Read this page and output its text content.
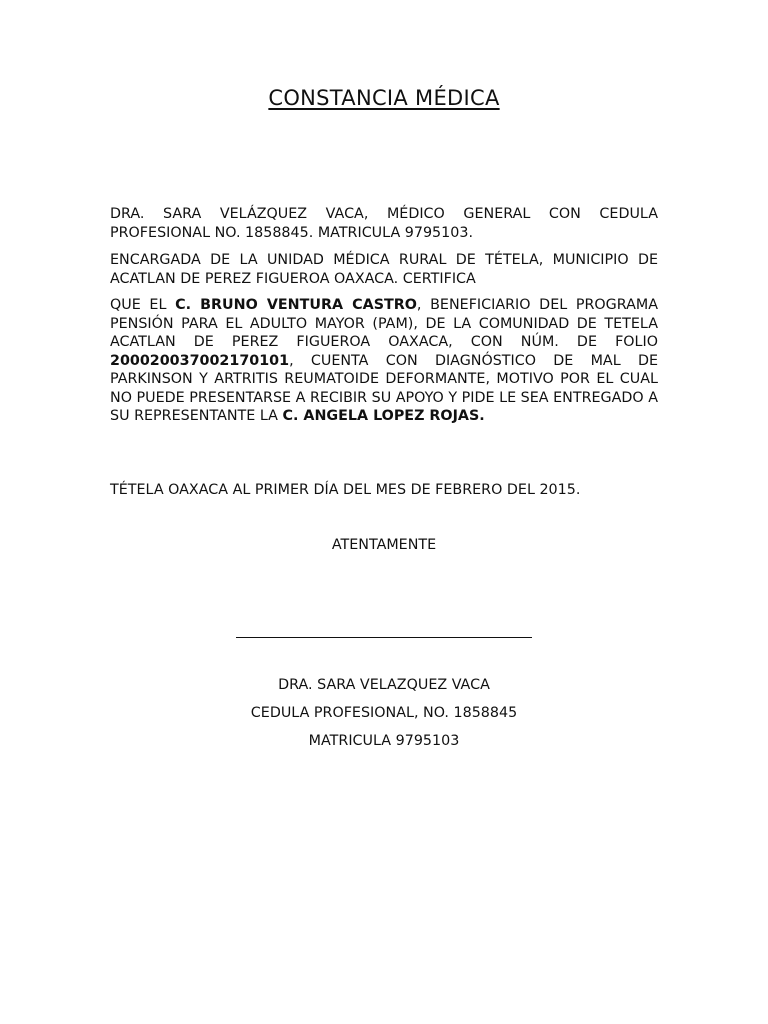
CONSTANCIA MÉDICA

DRA. SARA VELÁZQUEZ VACA, MÉDICO GENERAL CON CEDULA PROFESIONAL NO. 1858845. MATRICULA 9795103.

ENCARGADA DE LA UNIDAD MÉDICA RURAL DE TÉTELA, MUNICIPIO DE ACATLAN DE PEREZ FIGUEROA OAXACA. CERTIFICA

QUE EL C. BRUNO VENTURA CASTRO, BENEFICIARIO DEL PROGRAMA PENSIÓN PARA EL ADULTO MAYOR (PAM), DE LA COMUNIDAD DE TETELA ACATLAN DE PEREZ FIGUEROA OAXACA, CON NÚM. DE FOLIO 200020037002170101, CUENTA CON DIAGNÓSTICO DE MAL DE PARKINSON Y ARTRITIS REUMATOIDE DEFORMANTE, MOTIVO POR EL CUAL NO PUEDE PRESENTARSE A RECIBIR SU APOYO Y PIDE LE SEA ENTREGADO A SU REPRESENTANTE LA C. ANGELA LOPEZ ROJAS.

TÉTELA OAXACA AL PRIMER DÍA DEL MES DE FEBRERO DEL 2015.

ATENTAMENTE
DRA. SARA VELAZQUEZ VACA
CEDULA PROFESIONAL, NO. 1858845
MATRICULA 9795103
